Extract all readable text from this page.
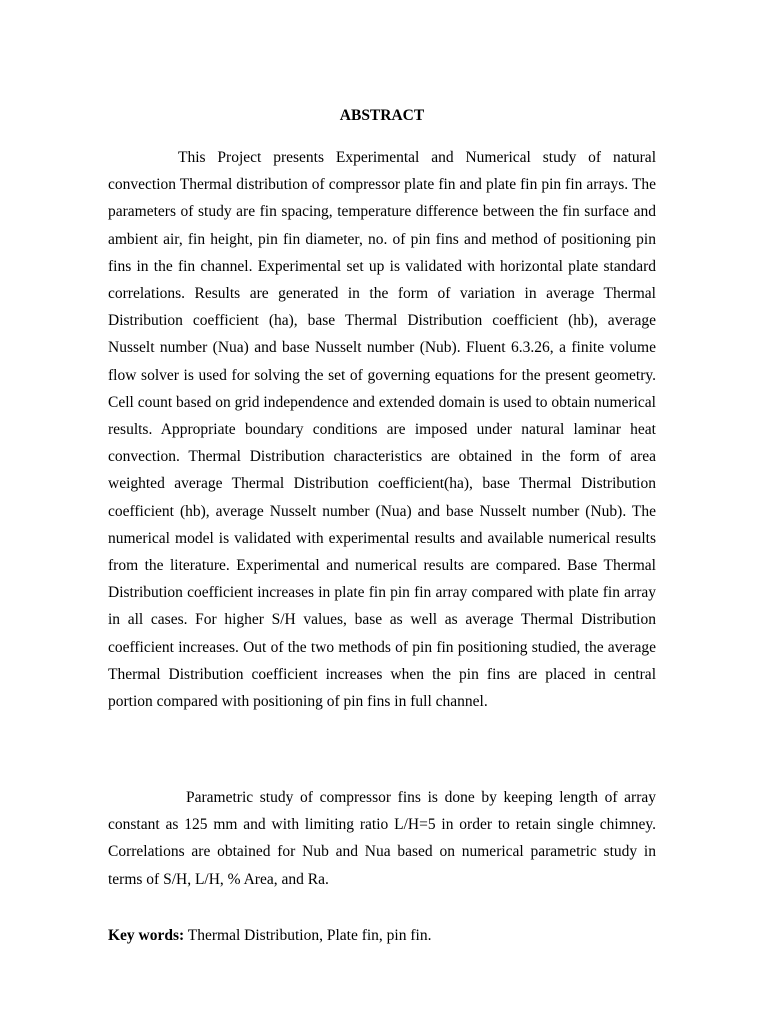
ABSTRACT

This Project presents Experimental and Numerical study of natural convection Thermal distribution of compressor plate fin and plate fin pin fin arrays. The parameters of study are fin spacing, temperature difference between the fin surface and ambient air, fin height, pin fin diameter, no. of pin fins and method of positioning pin fins in the fin channel. Experimental set up is validated with horizontal plate standard correlations. Results are generated in the form of variation in average Thermal Distribution coefficient (ha), base Thermal Distribution coefficient (hb), average Nusselt number (Nua) and base Nusselt number (Nub). Fluent 6.3.26, a finite volume flow solver is used for solving the set of governing equations for the present geometry. Cell count based on grid independence and extended domain is used to obtain numerical results. Appropriate boundary conditions are imposed under natural laminar heat convection. Thermal Distribution characteristics are obtained in the form of area weighted average Thermal Distribution coefficient(ha), base Thermal Distribution coefficient (hb), average Nusselt number (Nua) and base Nusselt number (Nub). The numerical model is validated with experimental results and available numerical results from the literature. Experimental and numerical results are compared. Base Thermal Distribution coefficient increases in plate fin pin fin array compared with plate fin array in all cases. For higher S/H values, base as well as average Thermal Distribution coefficient increases. Out of the two methods of pin fin positioning studied, the average Thermal Distribution coefficient increases when the pin fins are placed in central portion compared with positioning of pin fins in full channel.

Parametric study of compressor fins is done by keeping length of array constant as 125 mm and with limiting ratio L/H=5 in order to retain single chimney. Correlations are obtained for Nub and Nua based on numerical parametric study in terms of S/H, L/H, % Area, and Ra.

Key words: Thermal Distribution, Plate fin, pin fin.
